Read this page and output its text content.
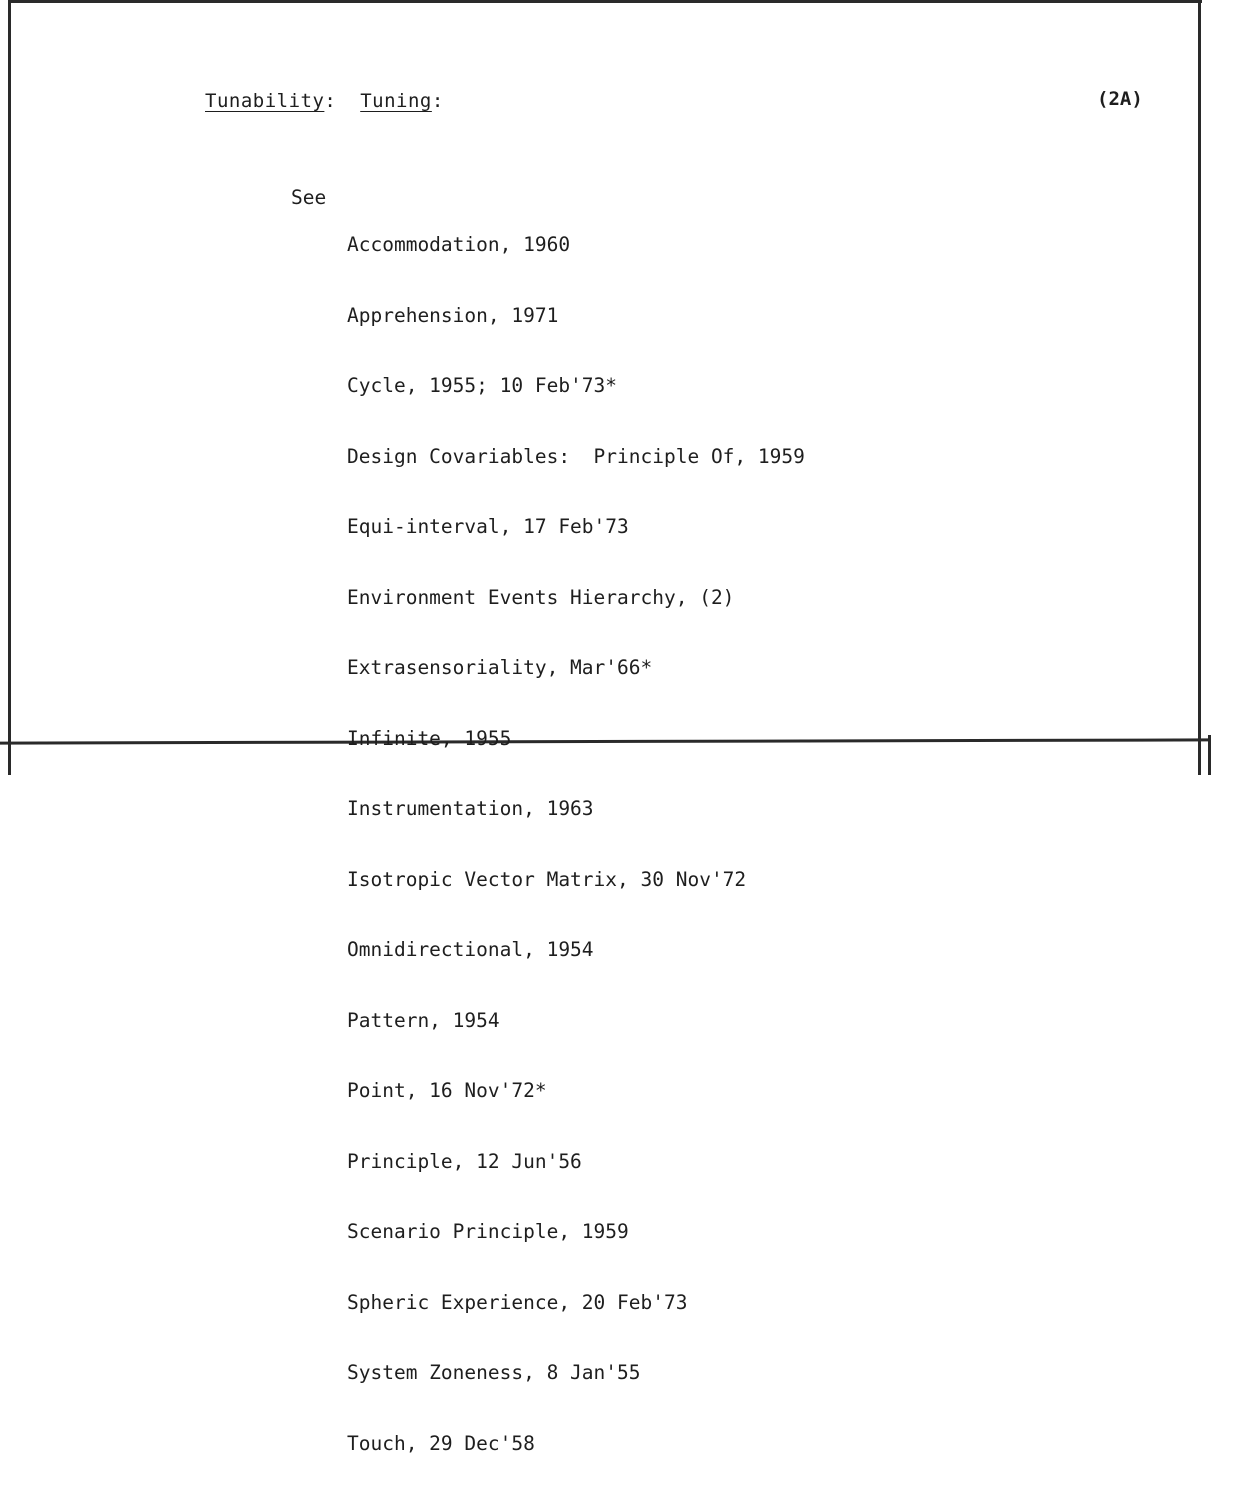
Tunability:  Tuning:	(2A)
See

Accommodation, 1960

Apprehension, 1971

Cycle, 1955; 10 Feb'73*

Design Covariables:  Principle Of, 1959

Equi-interval, 17 Feb'73

Environment Events Hierarchy, (2)

Extrasensoriality, Mar'66*

Infinite, 1955

Instrumentation, 1963

Isotropic Vector Matrix, 30 Nov'72

Omnidirectional, 1954

Pattern, 1954

Point, 16 Nov'72*

Principle, 12 Jun'56

Scenario Principle, 1959

Spheric Experience, 20 Feb'73

System Zoneness, 8 Jan'55

Touch, 29 Dec'58
